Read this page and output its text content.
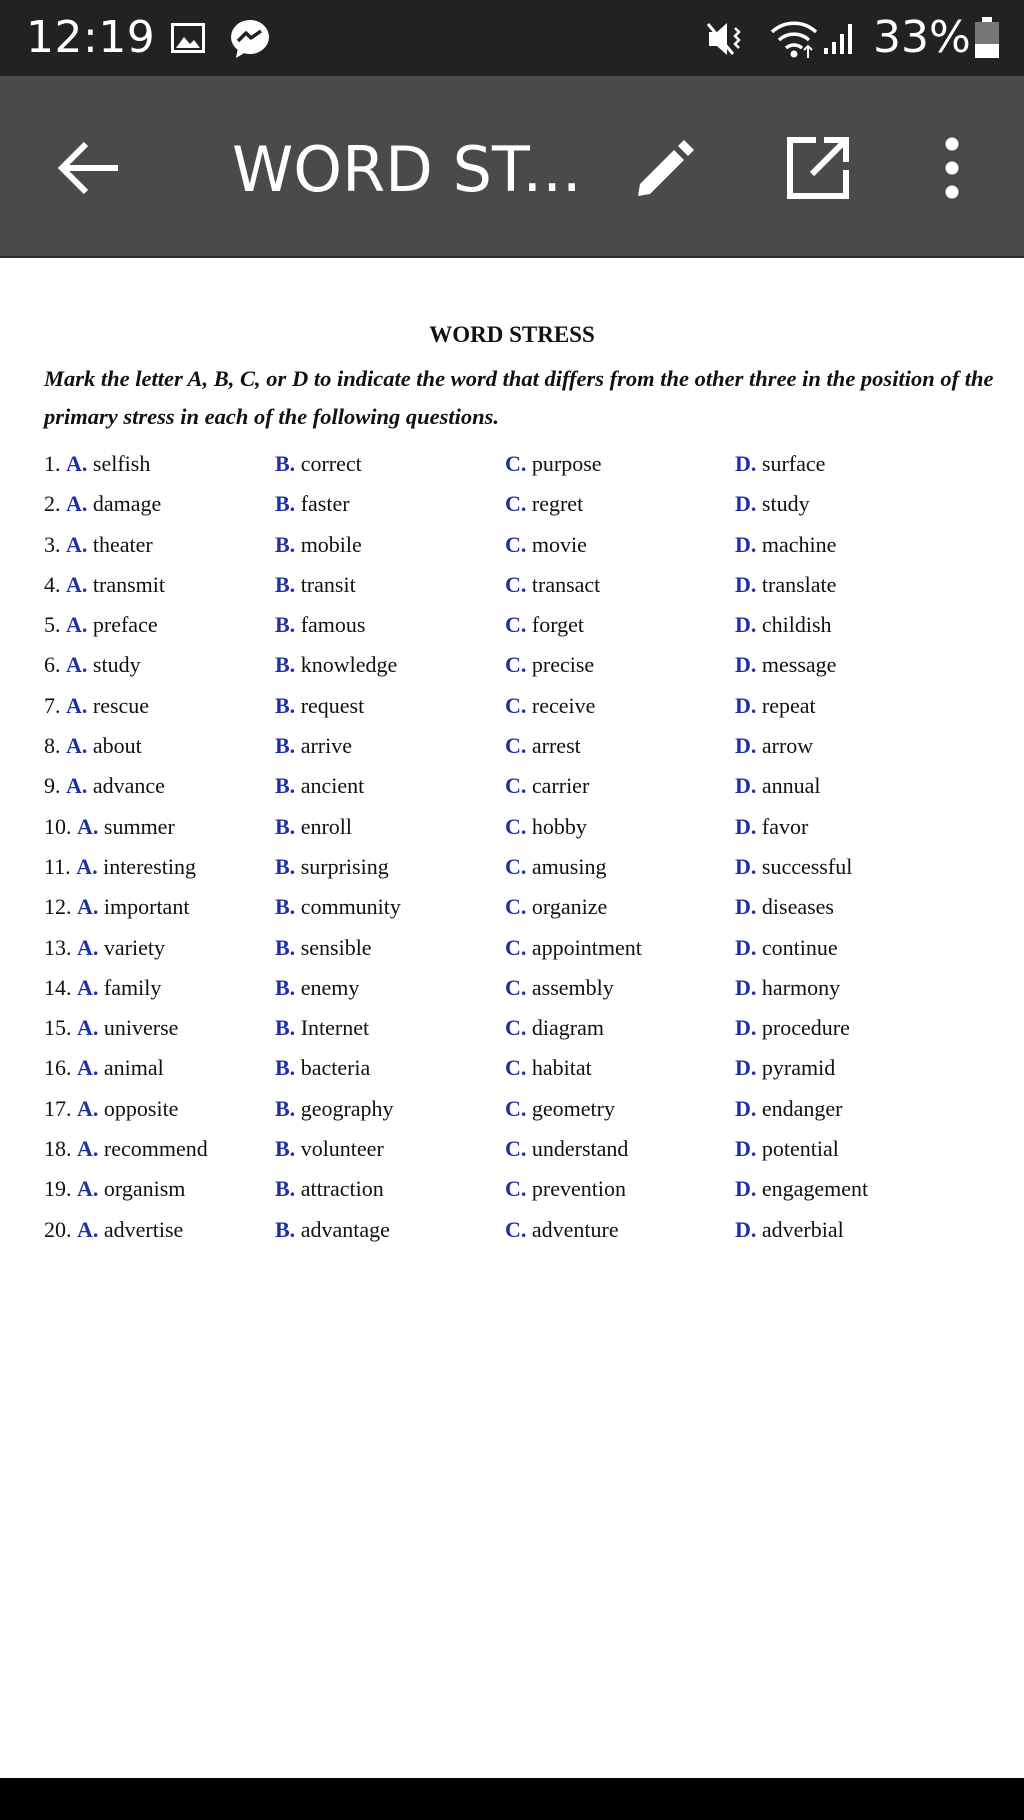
12:19	33%
WORD ST...
WORD STRESS
Mark the letter A, B, C, or D to indicate the word that differs from the other three in the position of the primary stress in each of the following questions.
1. A. selfish	B. correct	C. purpose	D. surface
2. A. damage	B. faster	C. regret	D. study
3. A. theater	B. mobile	C. movie	D. machine
4. A. transmit	B. transit	C. transact	D. translate
5. A. preface	B. famous	C. forget	D. childish
6. A. study	B. knowledge	C. precise	D. message
7. A. rescue	B. request	C. receive	D. repeat
8. A. about	B. arrive	C. arrest	D. arrow
9. A. advance	B. ancient	C. carrier	D. annual
10. A. summer	B. enroll	C. hobby	D. favor
11. A. interesting	B. surprising	C. amusing	D. successful
12. A. important	B. community	C. organize	D. diseases
13. A. variety	B. sensible	C. appointment	D. continue
14. A. family	B. enemy	C. assembly	D. harmony
15. A. universe	B. Internet	C. diagram	D. procedure
16. A. animal	B. bacteria	C. habitat	D. pyramid
17. A. opposite	B. geography	C. geometry	D. endanger
18. A. recommend	B. volunteer	C. understand	D. potential
19. A. organism	B. attraction	C. prevention	D. engagement
20. A. advertise	B. advantage	C. adventure	D. adverbial
